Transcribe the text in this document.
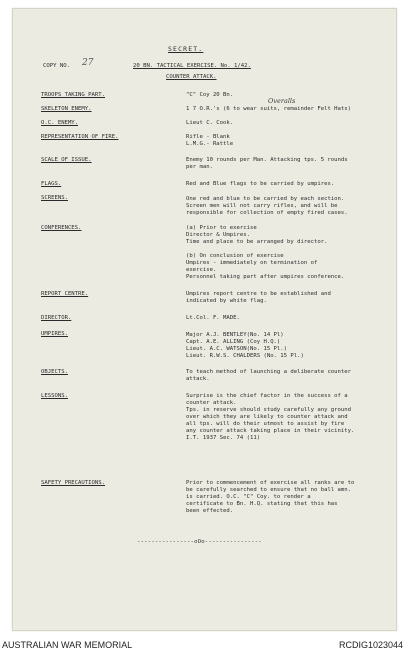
SECRET.
COPY NO. 27	20 BN. TACTICAL EXERCISE. No. 1/42.
COUNTER ATTACK.
TROOPS TAKING PART.	"C" Coy 20 Bn.
SKELETON ENEMY.	1 7 O.R.'s (6 to wear suits, remainder Felt Hats)
Overalls
O.C. ENEMY.	Lieut C. Cook.
REPRESENTATION OF FIRE.	Rifle - Blank
L.M.G.- Rattle
SCALE OF ISSUE.	Enemy 10 rounds per Man. Attacking tps. 5 rounds
per man.
FLAGS.	Red and Blue flags to be carried by umpires.
SCREENS.	One red and blue to be carried by each section.
Screen men will not carry rifles, and will be
responsible for collection of empty fired cases.
CONFERENCES.	(a) Prior to exercise
Director & Umpires.
Time and place to be arranged by director.
(b) On conclusion of exercise
Umpires - immediately on termination of
exercise.
Personnel taking part after umpires conference.
REPORT CENTRE.	Umpires report centre to be established and
indicated by white flag.
DIRECTOR.	Lt.Col. F. MADE.
UMPIRES.	Major A.J. BENTLEY(No. 14 Pl)
Capt. A.E. ALLING (Coy H.Q.)
Lieut. A.C. WATSON(No. 15 Pl.)
Lieut. R.W.S. CHALDERS (No. 15 Pl.)
OBJECTS.	To teach method of launching a deliberate counter
attack.
LESSONS.	Surprise is the chief factor in the success of a
counter attack.
Tps. in reserve should study carefully any ground
over which they are likely to counter attack and
all tps. will do their utmost to assist by fire
any counter attack taking place in their vicinity.
I.T. 1937 Sec. 74 (11)
SAFETY PRECAUTIONS.	Prior to commencement of exercise all ranks are to
be carefully searched to ensure that no ball amn.
is carried. O.C. "C" Coy. to render a
certificate to Bn. H.Q. stating that this has
been effected.
----------------oOo----------------
AUSTRALIAN WAR MEMORIAL	RCDIG1023044
